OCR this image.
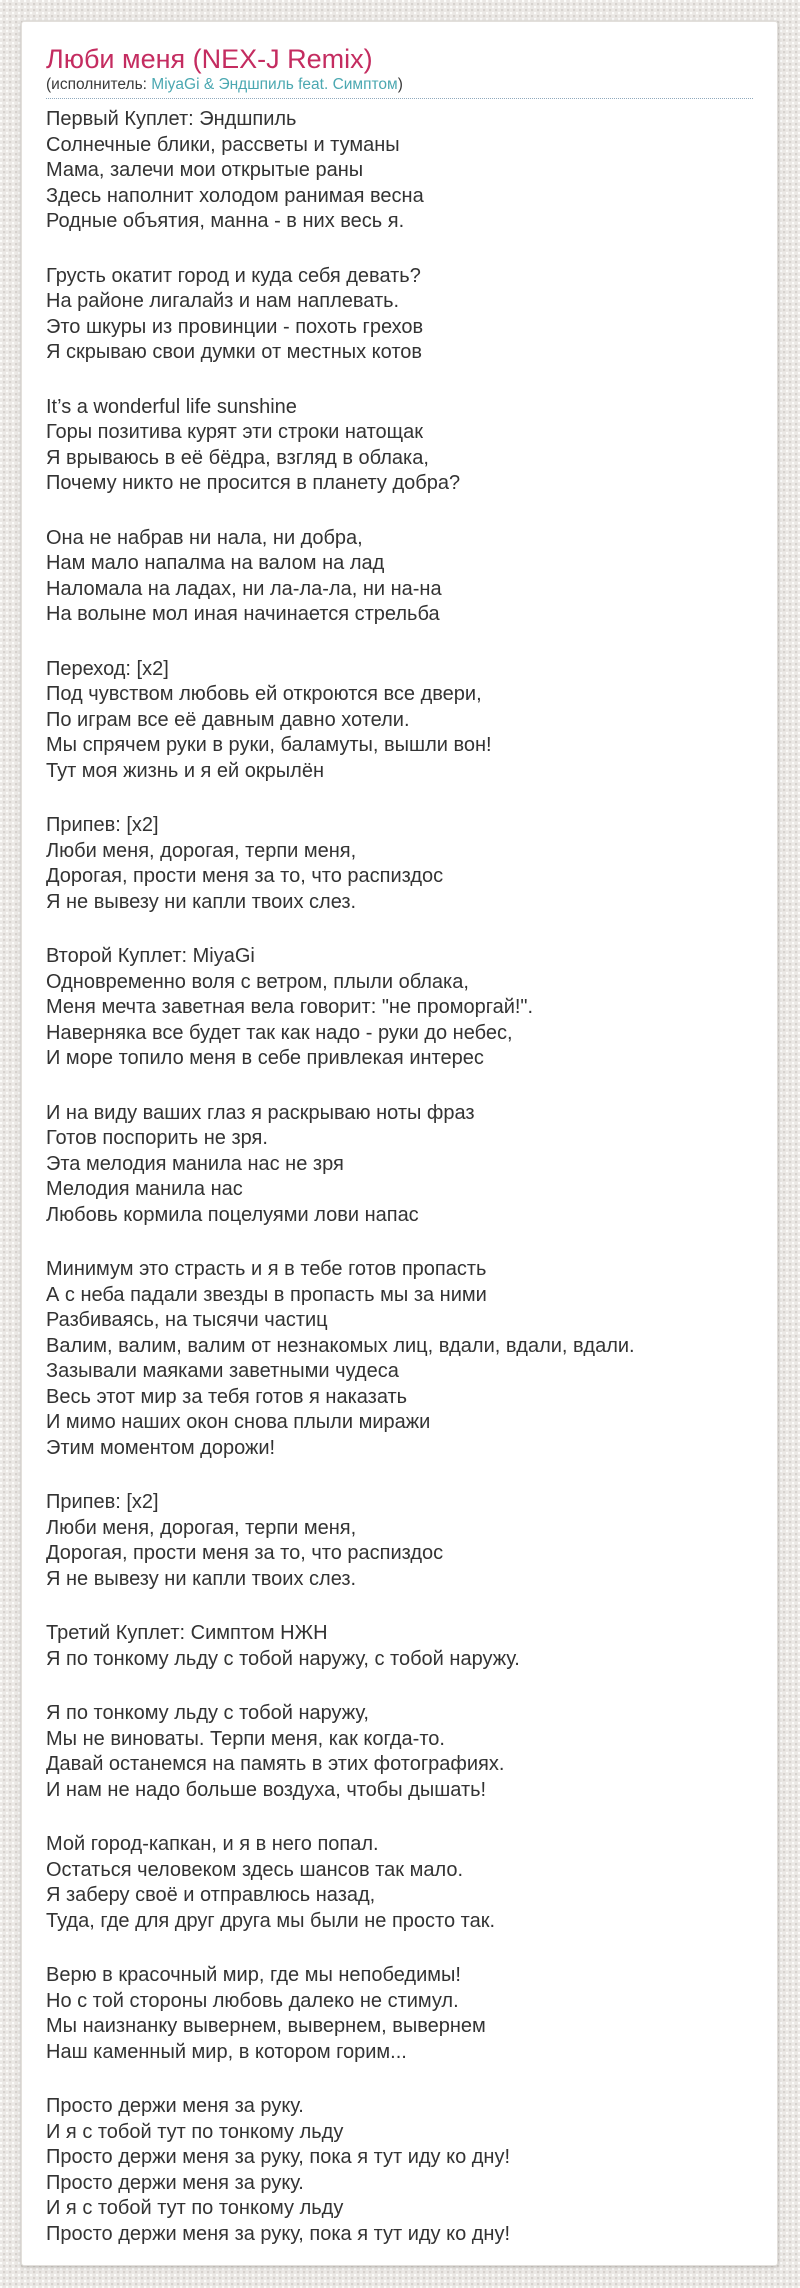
Люби меня (NEX-J Remix)
(исполнитель: MiyaGi & Эндшпиль feat. Симптом)

Первый Куплет: Эндшпиль
Солнечные блики, рассветы и туманы
Мама, залечи мои открытые раны
Здесь наполнит холодом ранимая весна
Родные объятия, манна - в них весь я.

Грусть окатит город и куда себя девать?
На районе лигалайз и нам наплевать.
Это шкуры из провинции - похоть грехов
Я скрываю свои думки от местных котов

It’s a wonderful life sunshine
Горы позитива курят эти строки натощак
Я врываюсь в её бёдра, взгляд в облака,
Почему никто не просится в планету добра?

Она не набрав ни нала, ни добра,
Нам мало напалма на валом на лад
Наломала на ладах, ни ла-ла-ла, ни на-на
На волыне мол иная начинается стрельба

Переход: [x2]
Под чувством любовь ей откроются все двери,
По играм все её давным давно хотели.
Мы спрячем руки в руки, баламуты, вышли вон!
Тут моя жизнь и я ей окрылён

Припев: [x2]
Люби меня, дорогая, терпи меня,
Дорогая, прости меня за то, что распиздос
Я не вывезу ни капли твоих слез.

Второй Куплет: MiyaGi
Одновременно воля с ветром, плыли облака,
Меня мечта заветная вела говорит: "не проморгай!".
Наверняка все будет так как надо - руки до небес,
И море топило меня в себе привлекая интерес

И на виду ваших глаз я раскрываю ноты фраз
Готов поспорить не зря.
Эта мелодия манила нас не зря
Мелодия манила нас
Любовь кормила поцелуями лови напас

Минимум это страсть и я в тебе готов пропасть
А с неба падали звезды в пропасть мы за ними
Разбиваясь, на тысячи частиц
Валим, валим, валим от незнакомых лиц, вдали, вдали, вдали.
Зазывали маяками заветными чудеса
Весь этот мир за тебя готов я наказать
И мимо наших окон снова плыли миражи
Этим моментом дорожи!

Припев: [x2]
Люби меня, дорогая, терпи меня,
Дорогая, прости меня за то, что распиздос
Я не вывезу ни капли твоих слез.

Третий Куплет: Симптом НЖН
Я по тонкому льду с тобой наружу, с тобой наружу.

Я по тонкому льду с тобой наружу,
Мы не виноваты. Терпи меня, как когда-то.
Давай останемся на память в этих фотографиях.
И нам не надо больше воздуха, чтобы дышать!

Мой город-капкан, и я в него попал.
Остаться человеком здесь шансов так мало.
Я заберу своё и отправлюсь назад,
Туда, где для друг друга мы были не просто так.

Верю в красочный мир, где мы непобедимы!
Но с той стороны любовь далеко не стимул.
Мы наизнанку вывернем, вывернем, вывернем
Наш каменный мир, в котором горим...

Просто держи меня за руку.
И я с тобой тут по тонкому льду
Просто держи меня за руку, пока я тут иду ко дну!
Просто держи меня за руку.
И я с тобой тут по тонкому льду
Просто держи меня за руку, пока я тут иду ко дну!
